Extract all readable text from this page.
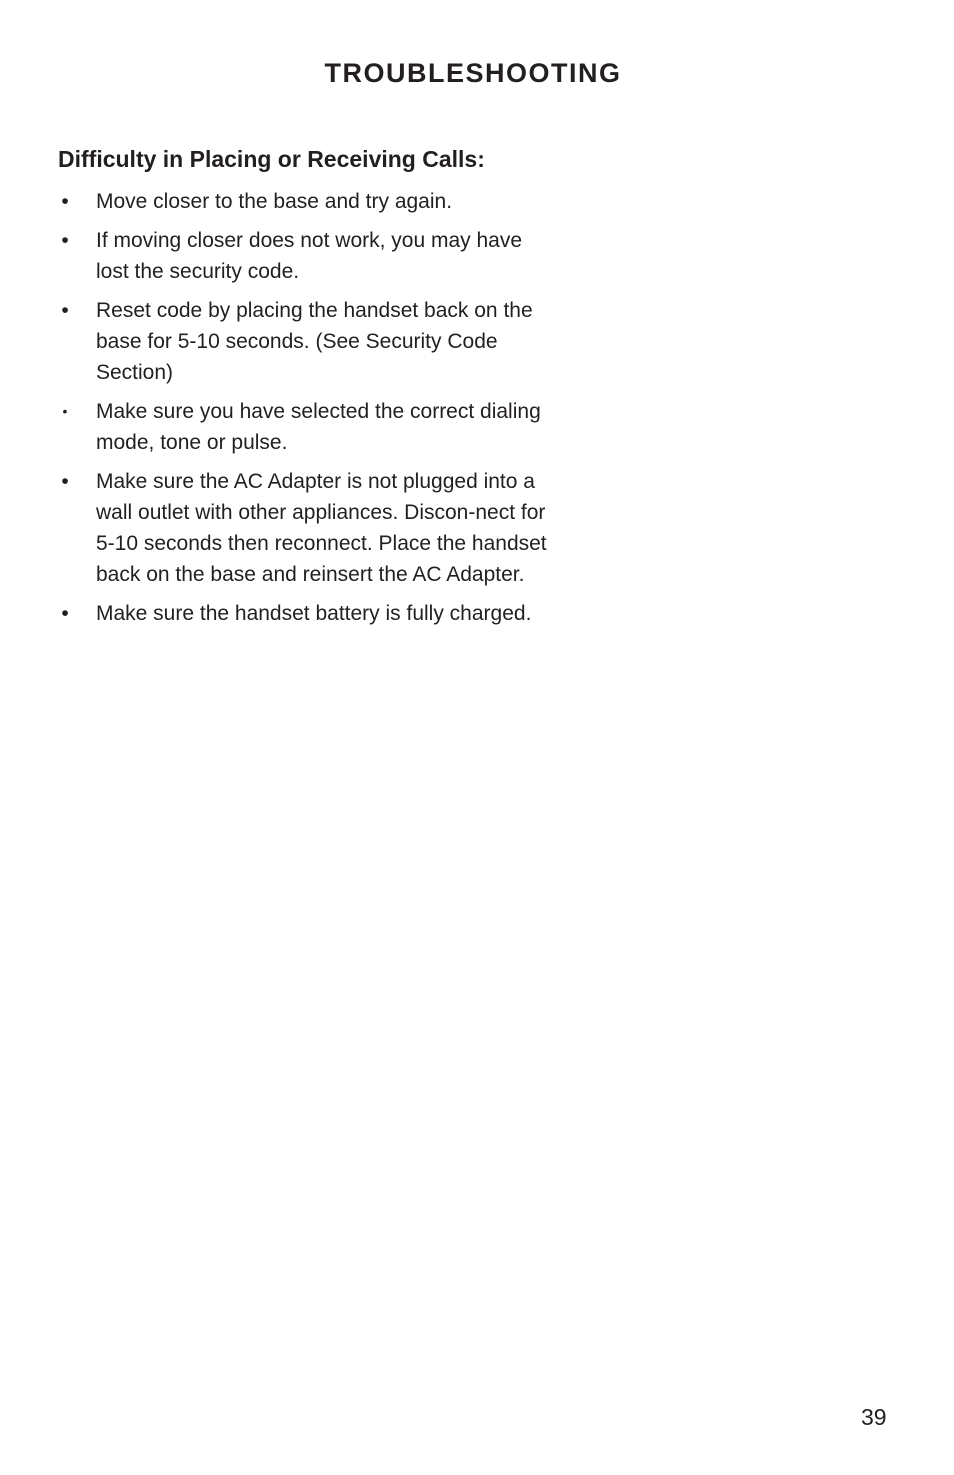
TROUBLESHOOTING
Difficulty in Placing or Receiving Calls:
• Move closer to the base and try again.
• If moving closer does not work, you may have lost the security code.
• Reset code by placing the handset back on the base for 5-10 seconds. (See Security Code Section)
• Make sure you have selected the correct dialing mode, tone or pulse.
• Make sure the AC Adapter is not plugged into a wall outlet with other appliances. Discon-nect for 5-10 seconds then reconnect. Place the handset back on the base and reinsert the AC Adapter.
• Make sure the handset battery is fully charged.
39
